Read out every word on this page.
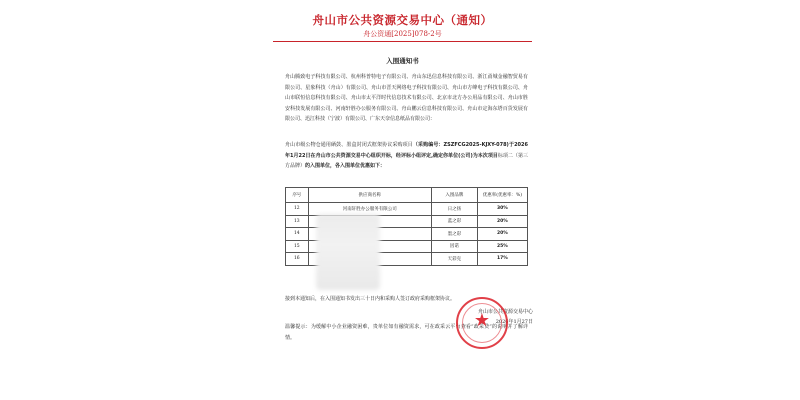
舟山市公共资源交易中心（通知）
舟公资通[2025]078-2号
入围通知书
舟山腾致电子科技有限公司、杭州科普特电子有限公司、舟山东迅信息科技有限公司、浙江甬城金融智贸易有限公司、星象科技（舟山）有限公司、舟山市晋天网络电子科技有限公司、舟山市方峰电子科技有限公司、舟山市联恒信息科技有限公司、舟山市太平洋时代信息技术有限公司、北京市北方办公用品有限公司、舟山市胜安科技发展有限公司、河南轩胜办公服务有限公司、舟山鹏云信息科技有限公司、舟山市定海东塔百货发展有限公司、迅江科技（宁波）有限公司、广东天奈信息纸品有限公司：
舟山市级公物仓通用硒鼓、墨盒封闭式框架协议采购项目（采购编号：ZSZFCG2025-KJXY-078)于2026年1月22日在舟山市公共资源交易中心组织开标，经评标小组评定,确定你单位(公司)为本次项目标项二（第三方品牌）的入围单位，各入围单位优惠如下：
序号	供应商名称	入围品牌	优惠率(优惠率：%)
12	河南轩胜办公服务有限公司	日之扬	30%
13		蓝之彩	20%
14		墨之彩	20%
15		因诺	25%
16		天彩克	17%
接到本通知后，在入围通知书发出三十日内和采购人签订政府采购框架协议。
舟山市公共资源交易中心
2026年1月27日
温馨提示：为缓解中小企业融资困难，贵单位如有融资需求，可在政采云平台查看“政采贷”的说明并了解详情。
★
